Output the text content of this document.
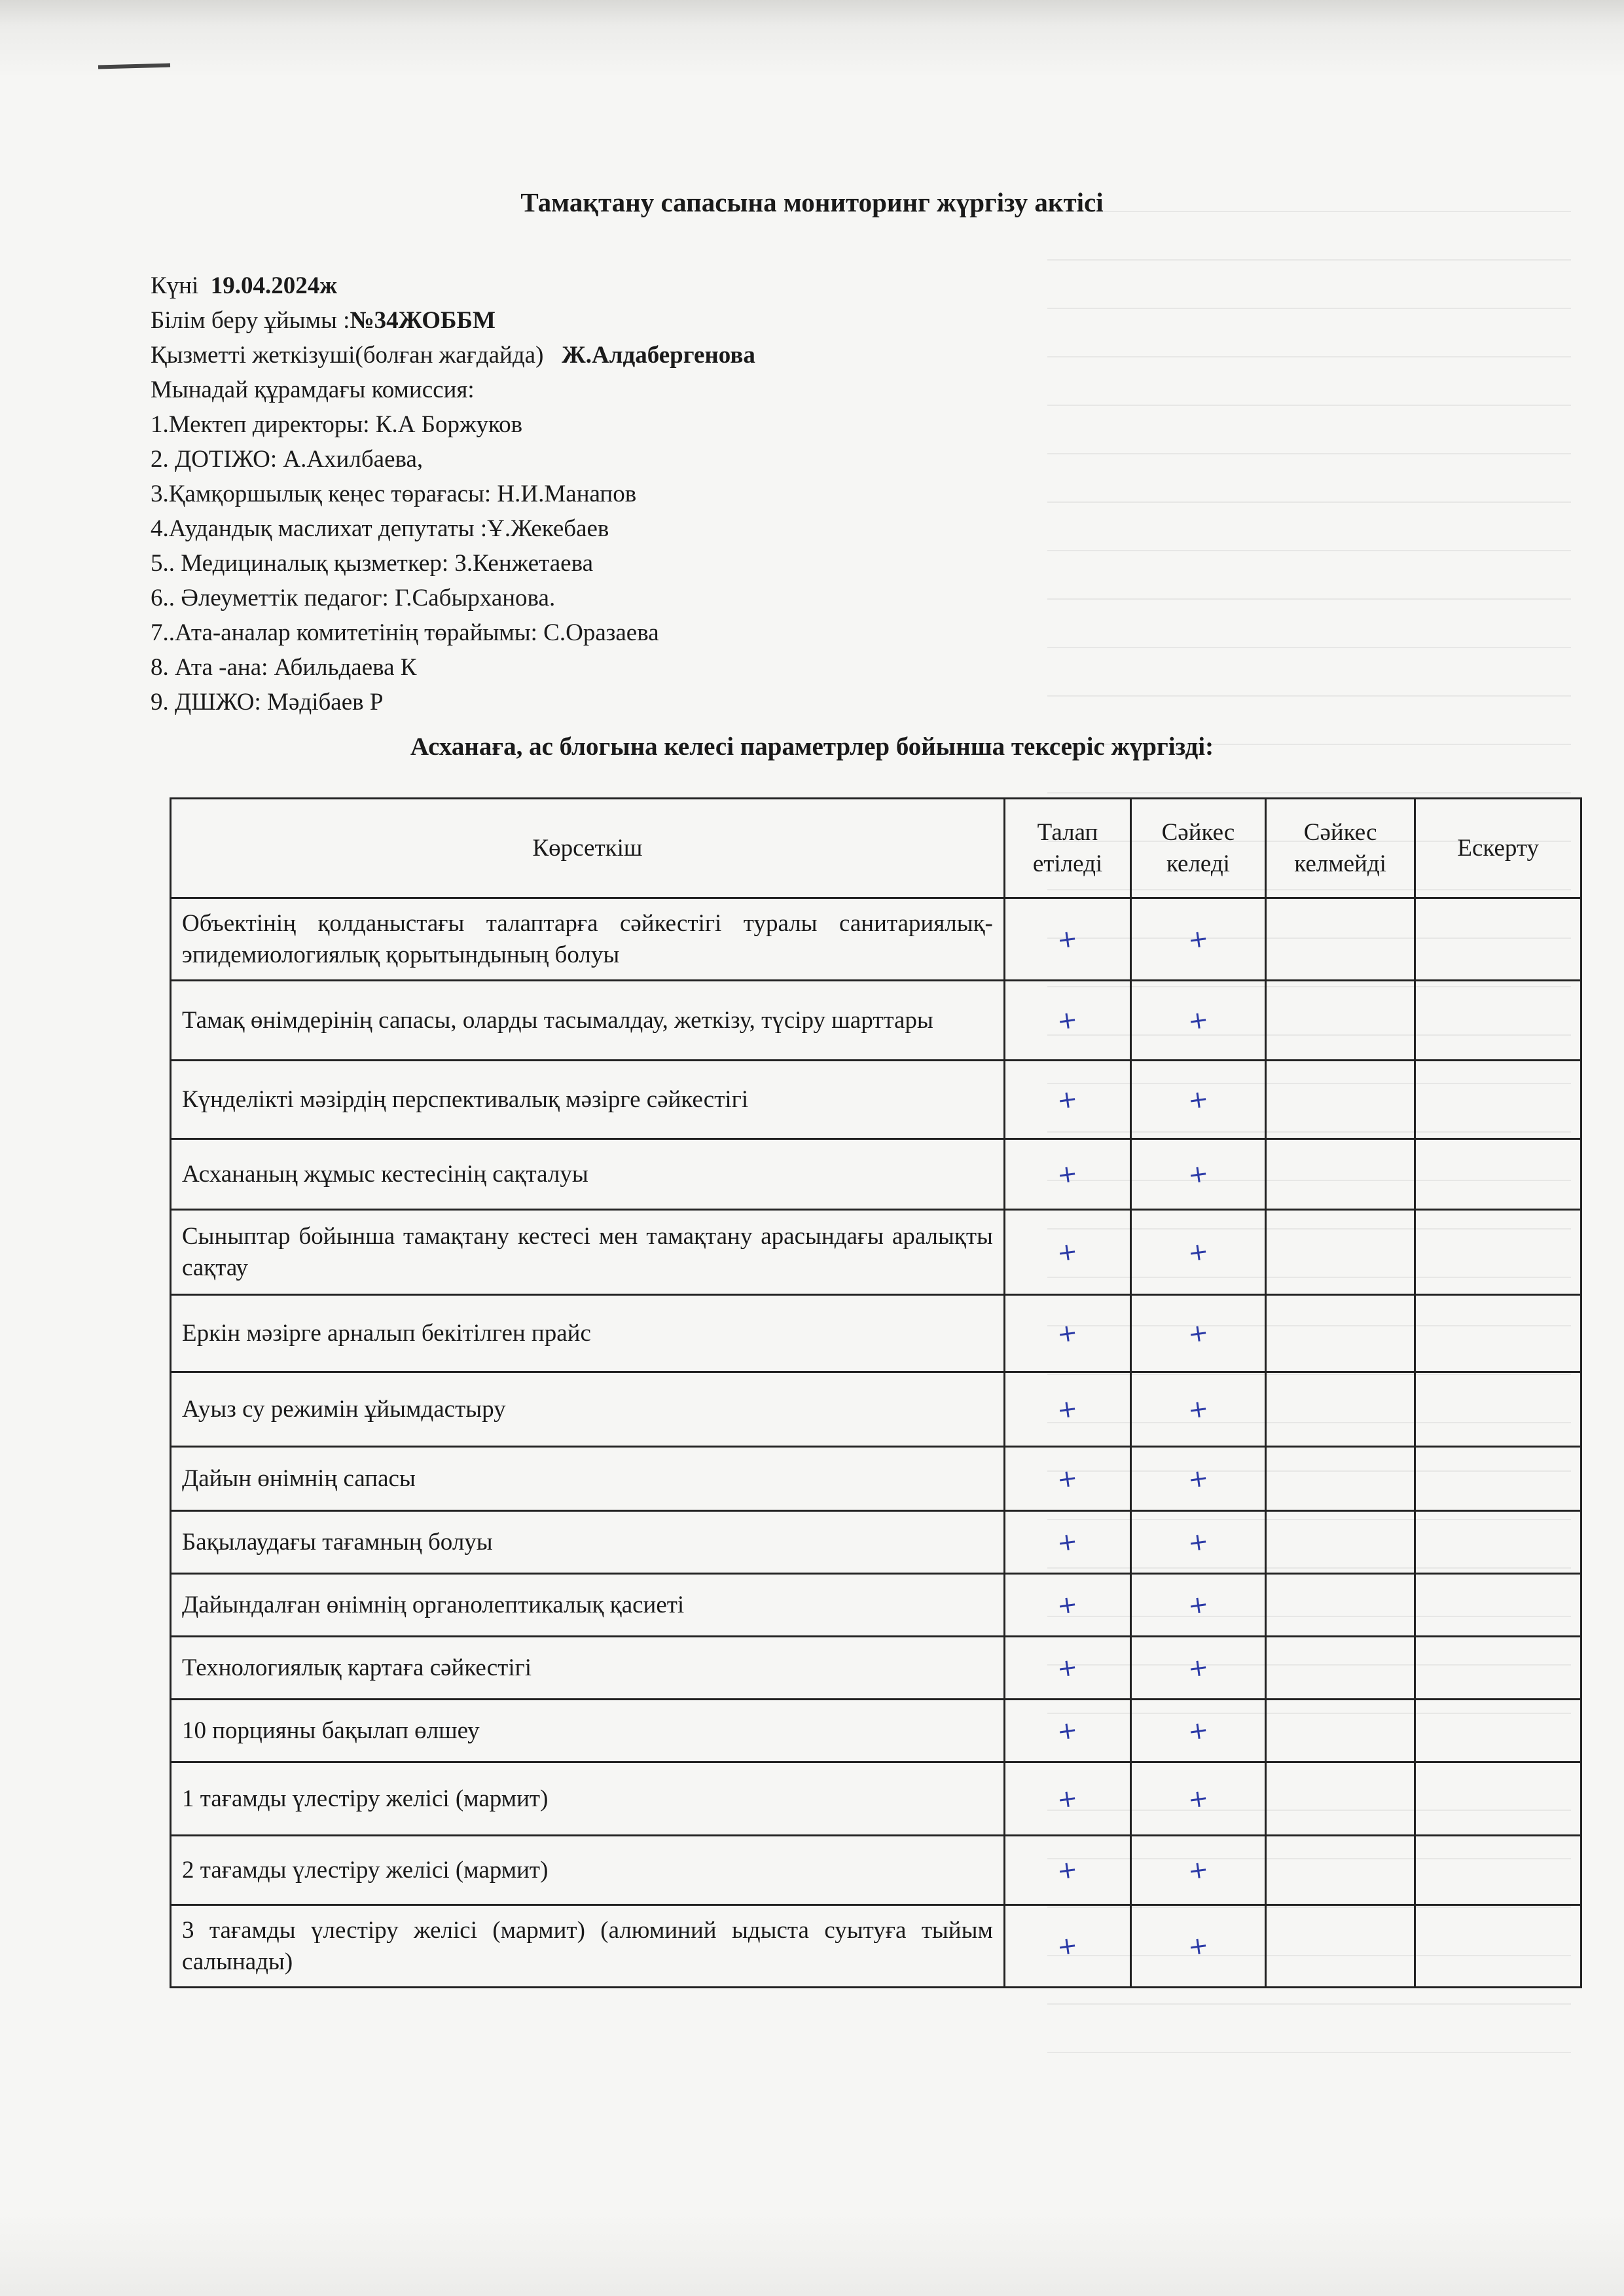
Тамақтану сапасына мониторинг жүргізу актісі
Күні 19.04.2024ж
Білім беру ұйымы :№34ЖОББМ
Қызметті жеткізуші(болған жағдайда) Ж.Алдабергенова
Мынадай құрамдағы комиссия:
1.Мектеп директоры: К.А Боржуков
2. ДОТІЖО: А.Ахилбаева,
3.Қамқоршылық кеңес төрағасы: Н.И.Манапов
4.Аудандық маслихат депутаты :Ұ.Жекебаев
5.. Медициналық қызметкер: З.Кенжетаева
6.. Әлеуметтік педагог: Г.Сабырханова.
7..Ата-аналар комитетінің төрайымы: С.Оразаева
8. Ата -ана: Абильдаева К
9. ДШЖО: Мәдібаев Р
Асханаға, ас блогына келесі параметрлер бойынша тексеріс жүргізді:
Көрсеткіш	Талап етіледі	Сәйкес келеді	Сәйкес келмейді	Ескерту
Объектінің қолданыстағы талаптарға сәйкестігі туралы санитариялық-эпидемиологиялық қорытындының болуы	+	+		
Тамақ өнімдерінің сапасы, оларды тасымалдау, жеткізу, түсіру шарттары	+	+		
Күнделікті мәзірдің перспективалық мәзірге сәйкестігі	+	+		
Асхананың жұмыс кестесінің сақталуы	+	+		
Сыныптар бойынша тамақтану кестесі мен тамақтану арасындағы аралықты сақтау	+	+		
Еркін мәзірге арналып бекітілген прайс	+	+		
Ауыз су режимін ұйымдастыру	+	+		
Дайын өнімнің сапасы	+	+		
Бақылаудағы тағамның болуы	+	+		
Дайындалған өнімнің органолептикалық қасиеті	+	+		
Технологиялық картаға сәйкестігі	+	+		
10 порцияны бақылап өлшеу	+	+		
1 тағамды үлестіру желісі (мармит)	+	+		
2 тағамды үлестіру желісі (мармит)	+	+		
3 тағамды үлестіру желісі (мармит) (алюминий ыдыста суытуға тыйым салынады)	+	+		
